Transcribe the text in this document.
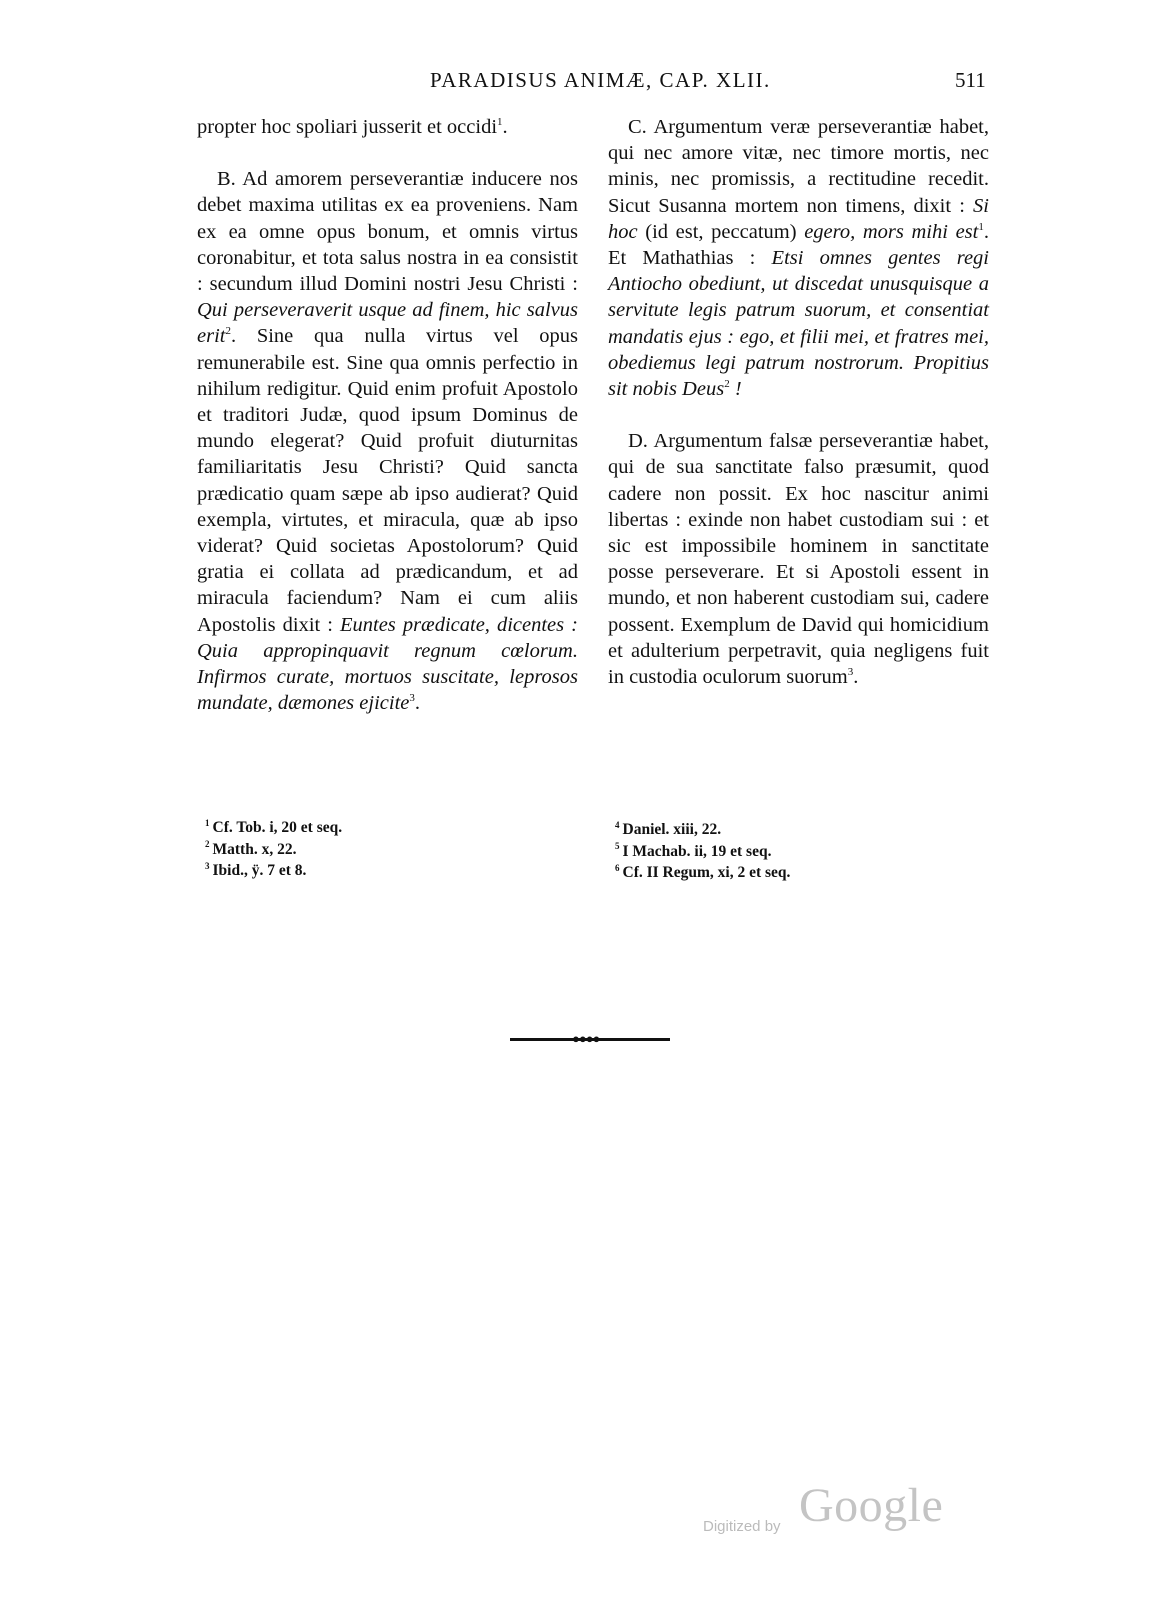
PARADISUS ANIMÆ, CAP. XLII.	511

propter hoc spoliari jusserit et occidi$^1$.

B. Ad amorem perseverantiæ inducere nos debet maxima utilitas ex ea proveniens. Nam ex ea omne opus bonum, et omnis virtus coronabitur, et tota salus nostra in ea consistit : secundum illud Domini nostri Jesu Christi : Qui perseveraverit usque ad finem, hic salvus erit$^2$. Sine qua nulla virtus vel opus remunerabile est. Sine qua omnis perfectio in nihilum redigitur. Quid enim profuit Apostolo et traditori Judæ, quod ipsum Dominus de mundo elegerat? Quid profuit diuturnitas familiaritatis Jesu Christi? Quid sancta prædicatio quam sæpe ab ipso audierat? Quid exempla, virtutes, et miracula, quæ ab ipso viderat? Quid societas Apostolorum? Quid gratia ei collata ad prædicandum, et ad miracula faciendum? Nam ei cum aliis Apostolis dixit : Euntes prædicate, dicentes : Quia appropinquavit regnum cœlorum. Infirmos curate, mortuos suscitate, leprosos mundate, dæmones ejicite$^3$.

C. Argumentum veræ perseverantiæ habet, qui nec amore vitæ, nec timore mortis, nec minis, nec promissis, a rectitudine recedit. Sicut Susanna mortem non timens, dixit : Si hoc (id est, peccatum) egero, mors mihi est$^1$. Et Mathathias : Etsi omnes gentes regi Antiocho obediunt, ut discedat unusquisque a servitute legis patrum suorum, et consentiat mandatis ejus : ego, et filii mei, et fratres mei, obediemus legi patrum nostrorum. Propitius sit nobis Deus$^2$ !

D. Argumentum falsæ perseverantiæ habet, qui de sua sanctitate falso præsumit, quod cadere non possit. Ex hoc nascitur animi libertas : exinde non habet custodiam sui : et sic est impossibile hominem in sanctitate posse perseverare. Et si Apostoli essent in mundo, et non haberent custodiam sui, cadere possent. Exemplum de David qui homicidium et adulterium perpetravit, quia negligens fuit in custodia oculorum suorum$^3$.

$^1$ Cf. Tob. i, 20 et seq.
$^2$ Matth. x, 22.
$^3$ Ibid., ÿ. 7 et 8.
$^4$ Daniel. xiii, 22.
$^5$ I Machab. ii, 19 et seq.
$^6$ Cf. II Regum, xi, 2 et seq.
●●●●
Digitized by Google
